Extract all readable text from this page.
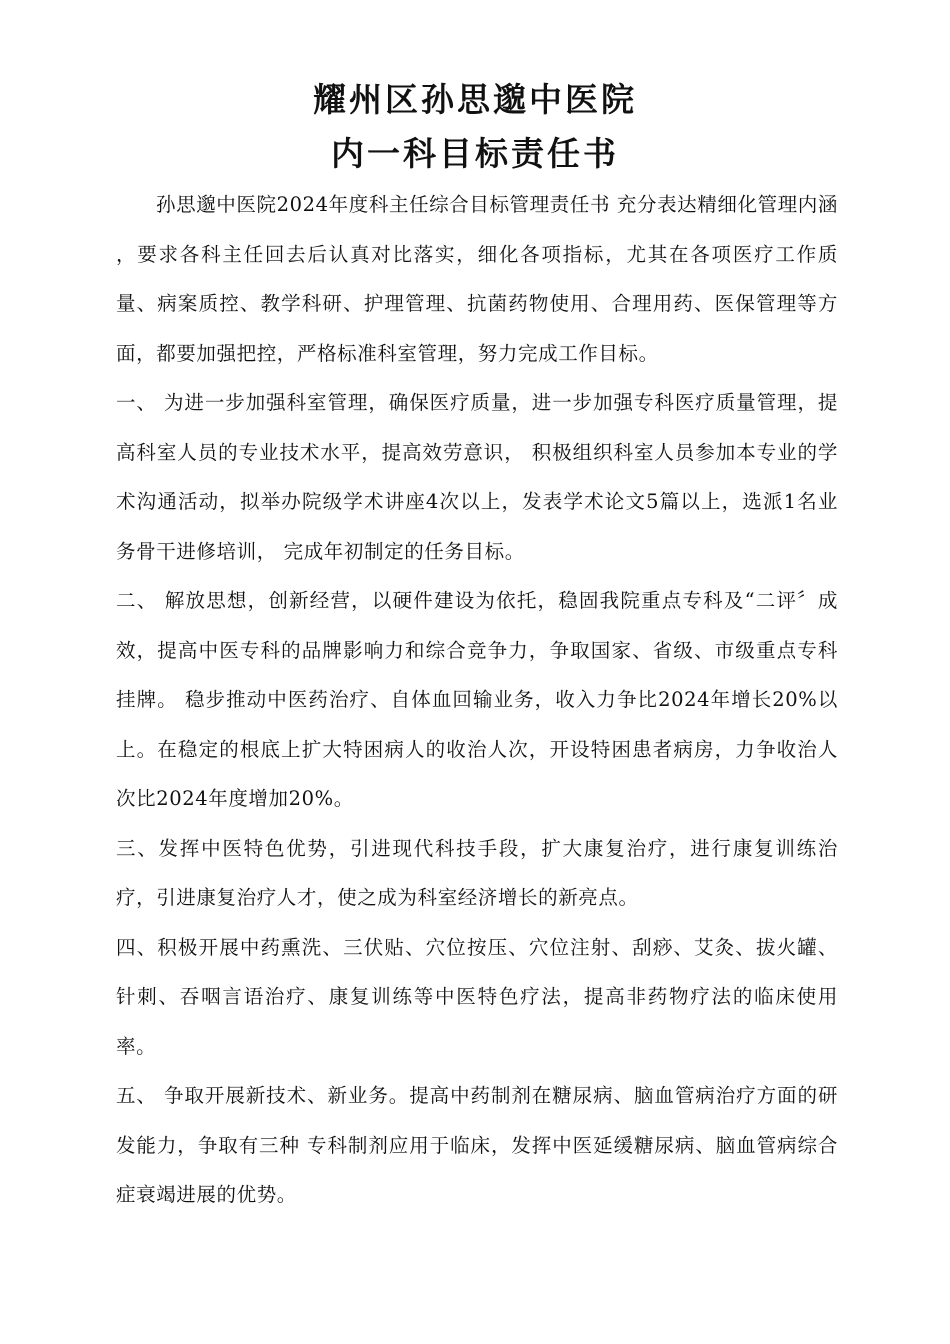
耀州区孙思邈中医院
内一科目标责任书

孙思邈中医院2024年度科主任综合目标管理责任书 充分表达精细化管理内涵 ，要求各科主任回去后认真对比落实，细化各项指标，尤其在各项医疗工作质量、病案质控、教学科研、护理管理、抗菌药物使用、合理用药、医保管理等方面，都要加强把控，严格标准科室管理，努力完成工作目标。

一、 为进一步加强科室管理，确保医疗质量，进一步加强专科医疗质量管理，提高科室人员的专业技术水平，提高效劳意识， 积极组织科室人员参加本专业的学术沟通活动，拟举办院级学术讲座4次以上，发表学术论文5篇以上，选派1名业务骨干进修培训， 完成年初制定的任务目标。

二、 解放思想，创新经营，以硬件建设为依托，稳固我院重点专科及“二评〞成效，提高中医专科的品牌影响力和综合竞争力，争取国家、省级、市级重点专科挂牌。 稳步推动中医药治疗、自体血回输业务，收入力争比2024年增长20%以上。在稳定的根底上扩大特困病人的收治人次，开设特困患者病房，力争收治人次比2024年度增加20%。

三、发挥中医特色优势，引进现代科技手段，扩大康复治疗，进行康复训练治疗，引进康复治疗人才，使之成为科室经济增长的新亮点。

四、积极开展中药熏洗、三伏贴、穴位按压、穴位注射、刮痧、艾灸、拔火罐、针刺、吞咽言语治疗、康复训练等中医特色疗法，提高非药物疗法的临床使用率。

五、 争取开展新技术、新业务。提高中药制剂在糖尿病、脑血管病治疗方面的研发能力，争取有三种 专科制剂应用于临床，发挥中医延缓糖尿病、脑血管病综合症衰竭进展的优势。
